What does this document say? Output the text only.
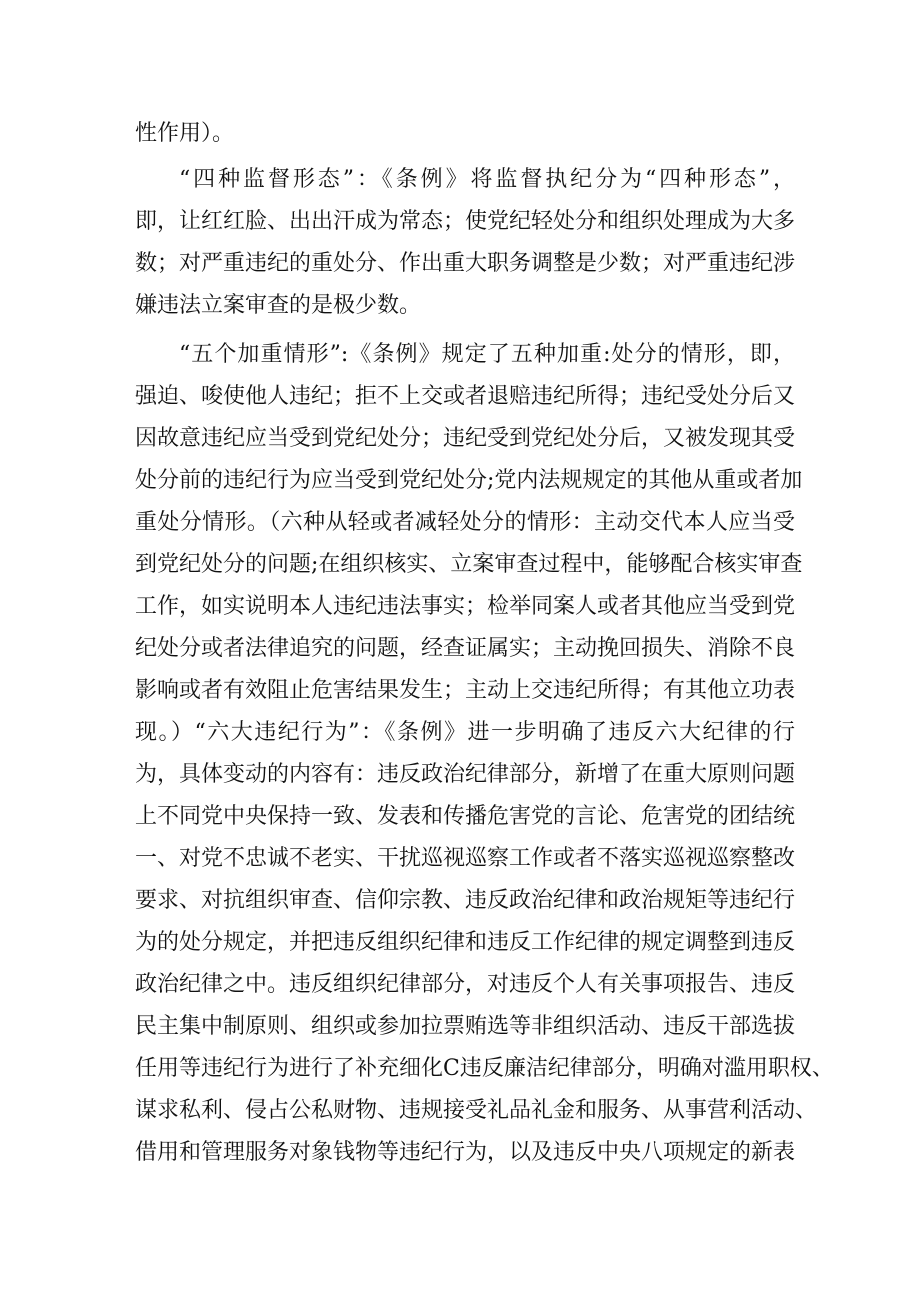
性作用）。
“四种监督形态”：《条例》将监督执纪分为“四种形态”，
即，让红红脸、出出汗成为常态；使党纪轻处分和组织处理成为大多
数；对严重违纪的重处分、作出重大职务调整是少数；对严重违纪涉
嫌违法立案审查的是极少数。
“五个加重情形”:《条例》规定了五种加重:处分的情形，即，
强迫、唆使他人违纪；拒不上交或者退赔违纪所得；违纪受处分后又
因故意违纪应当受到党纪处分；违纪受到党纪处分后，又被发现其受
处分前的违纪行为应当受到党纪处分;党内法规规定的其他从重或者加
重处分情形。（六种从轻或者减轻处分的情形：主动交代本人应当受
到党纪处分的问题;在组织核实、立案审查过程中，能够配合核实审查
工作，如实说明本人违纪违法事实；检举同案人或者其他应当受到党
纪处分或者法律追究的问题，经查证属实；主动挽回损失、消除不良
影响或者有效阻止危害结果发生；主动上交违纪所得；有其他立功表
现。）“六大违纪行为”：《条例》进一步明确了违反六大纪律的行
为，具体变动的内容有：违反政治纪律部分，新增了在重大原则问题
上不同党中央保持一致、发表和传播危害党的言论、危害党的团结统
一、对党不忠诚不老实、干扰巡视巡察工作或者不落实巡视巡察整改
要求、对抗组织审查、信仰宗教、违反政治纪律和政治规矩等违纪行
为的处分规定，并把违反组织纪律和违反工作纪律的规定调整到违反
政治纪律之中。违反组织纪律部分，对违反个人有关事项报告、违反
民主集中制原则、组织或参加拉票贿选等非组织活动、违反干部选拔
任用等违纪行为进行了补充细化C违反廉洁纪律部分，明确对滥用职权、
谋求私利、侵占公私财物、违规接受礼品礼金和服务、从事营利活动、
借用和管理服务对象钱物等违纪行为，以及违反中央八项规定的新表
